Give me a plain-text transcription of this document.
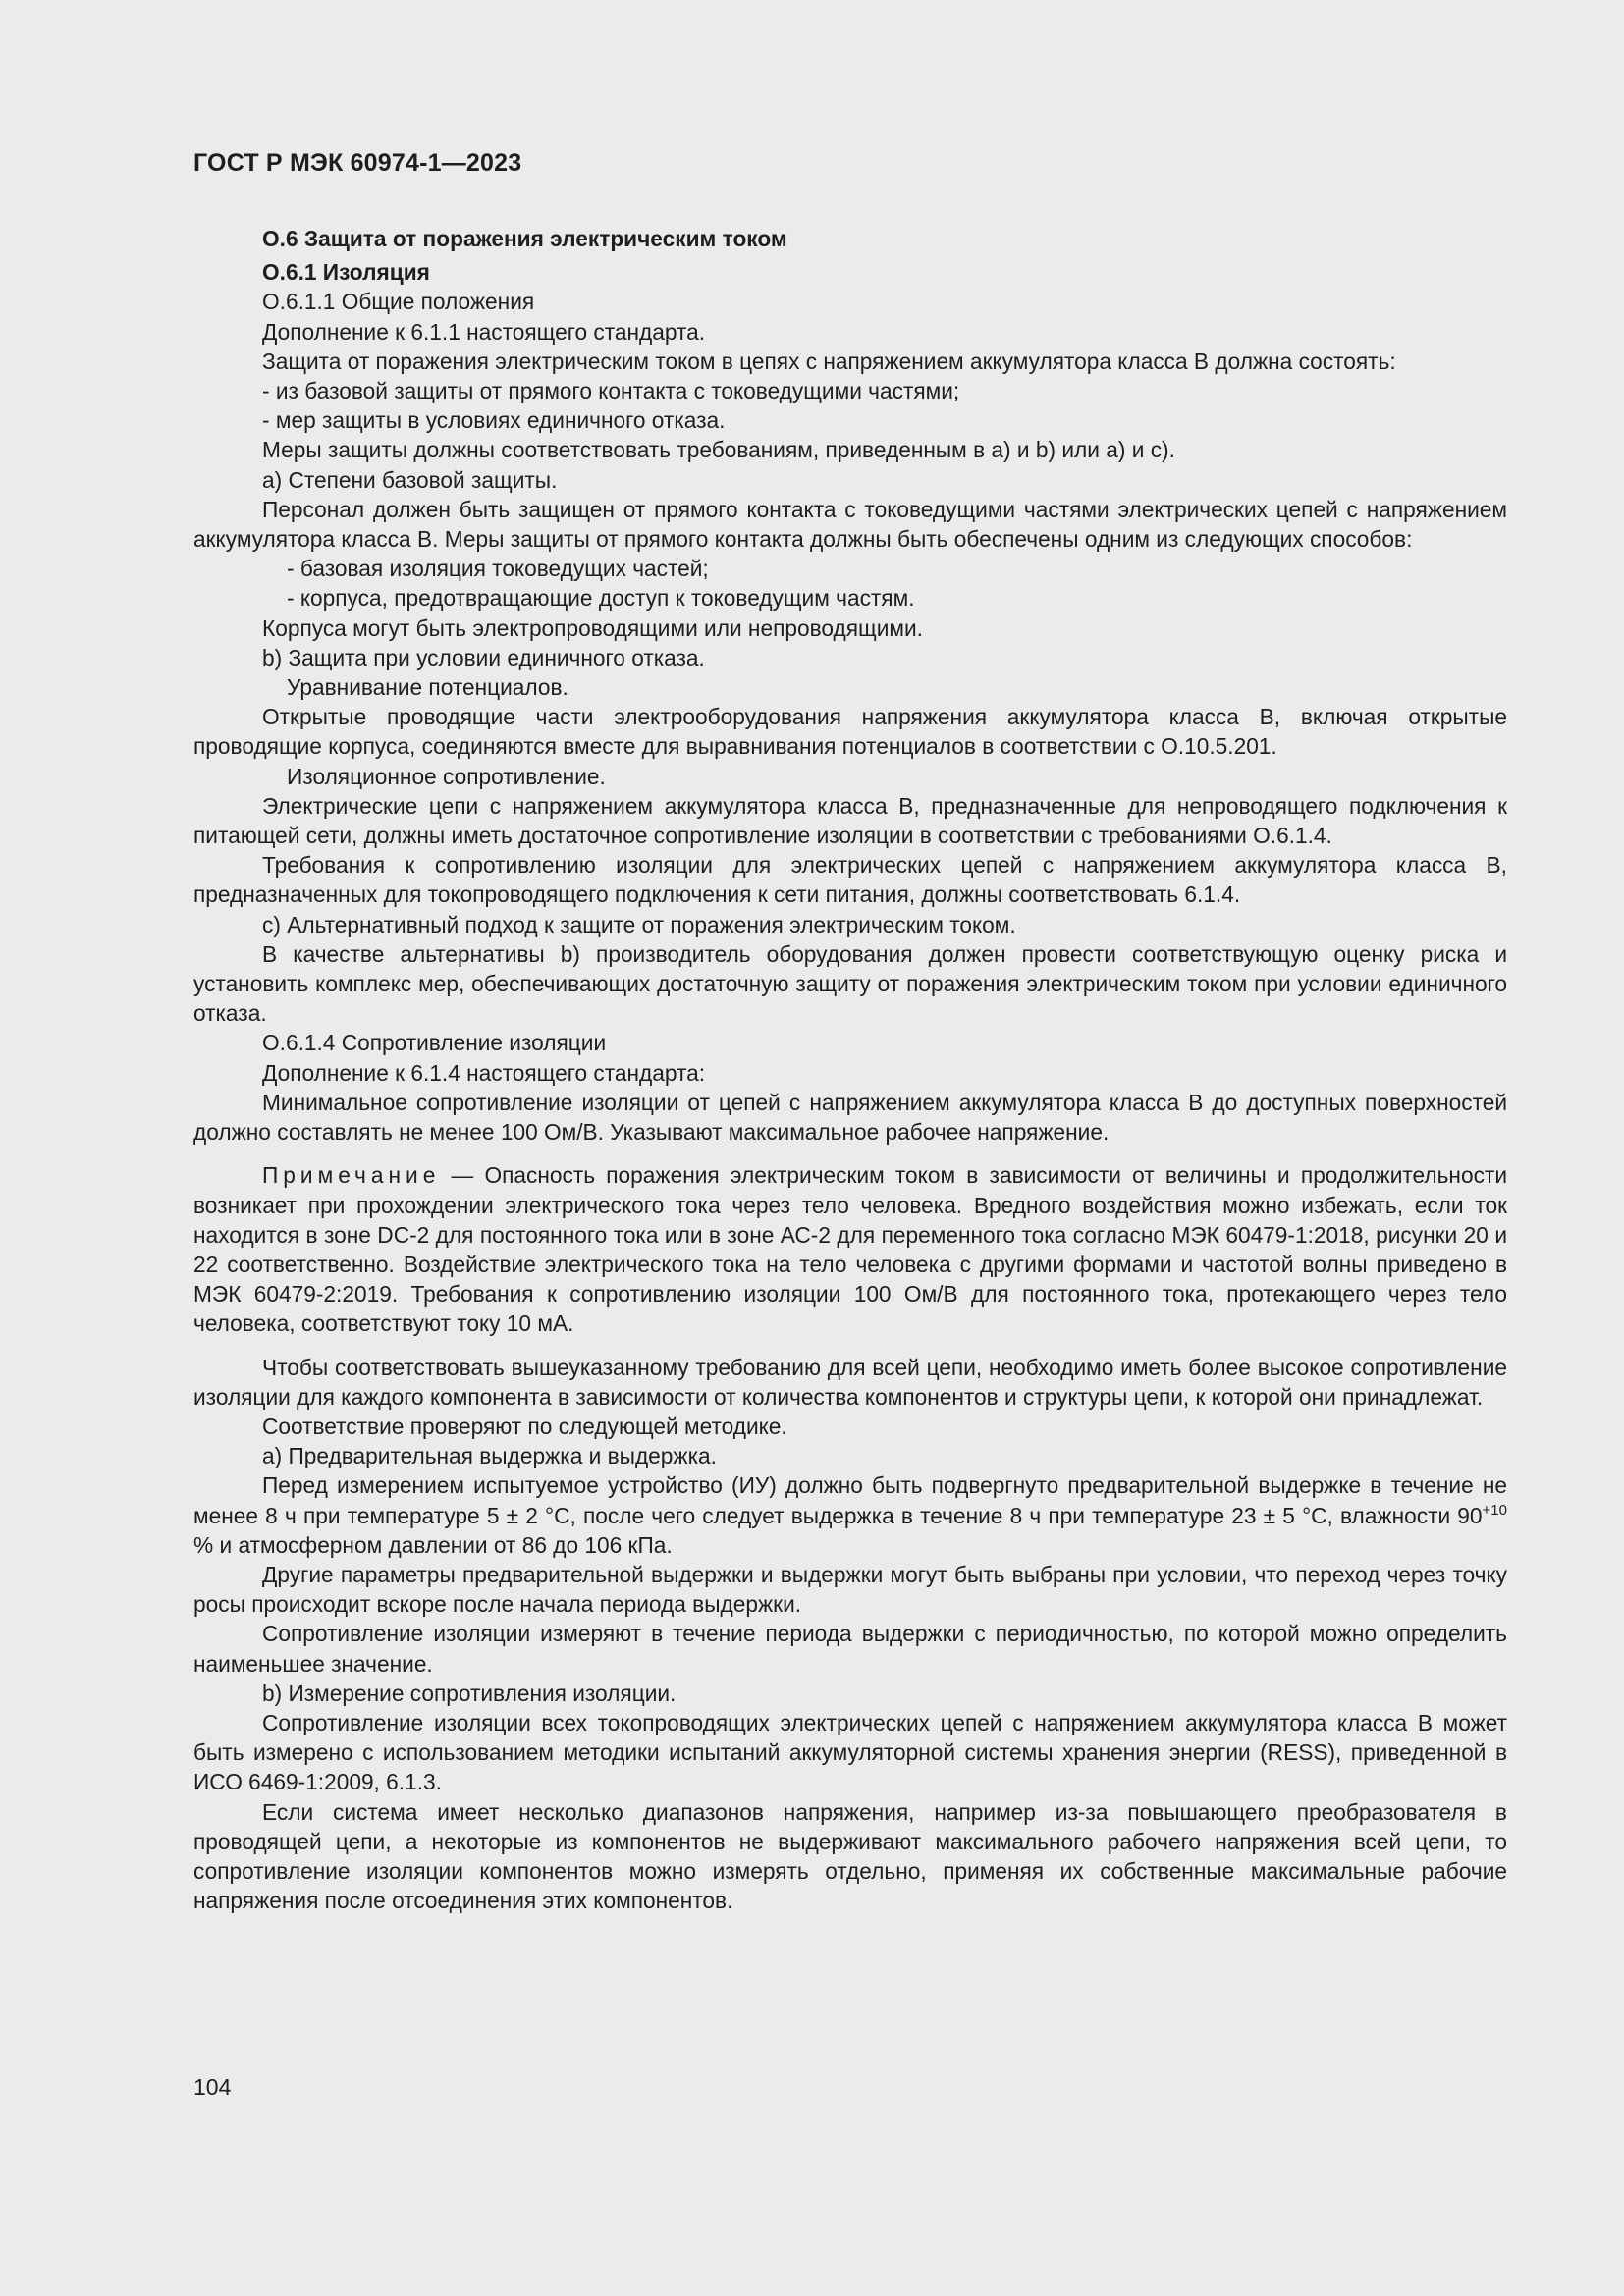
ГОСТ Р МЭК 60974-1—2023

О.6 Защита от поражения электрическим током

О.6.1 Изоляция

О.6.1.1 Общие положения

Дополнение к 6.1.1 настоящего стандарта.

Защита от поражения электрическим током в цепях с напряжением аккумулятора класса В должна состоять:

- из базовой защиты от прямого контакта с токоведущими частями;

- мер защиты в условиях единичного отказа.

Меры защиты должны соответствовать требованиям, приведенным в а) и b) или а) и с).

а) Степени базовой защиты.

Персонал должен быть защищен от прямого контакта с токоведущими частями электрических цепей с напряжением аккумулятора класса В. Меры защиты от прямого контакта должны быть обеспечены одним из следующих способов:

- базовая изоляция токоведущих частей;

- корпуса, предотвращающие доступ к токоведущим частям.

Корпуса могут быть электропроводящими или непроводящими.

b) Защита при условии единичного отказа.

Уравнивание потенциалов.

Открытые проводящие части электрооборудования напряжения аккумулятора класса В, включая открытые проводящие корпуса, соединяются вместе для выравнивания потенциалов в соответствии с О.10.5.201.

Изоляционное сопротивление.

Электрические цепи с напряжением аккумулятора класса В, предназначенные для непроводящего подключения к питающей сети, должны иметь достаточное сопротивление изоляции в соответствии с требованиями О.6.1.4.

Требования к сопротивлению изоляции для электрических цепей с напряжением аккумулятора класса В, предназначенных для токопроводящего подключения к сети питания, должны соответствовать 6.1.4.

с) Альтернативный подход к защите от поражения электрическим током.

В качестве альтернативы b) производитель оборудования должен провести соответствующую оценку риска и установить комплекс мер, обеспечивающих достаточную защиту от поражения электрическим током при условии единичного отказа.

О.6.1.4 Сопротивление изоляции

Дополнение к 6.1.4 настоящего стандарта:

Минимальное сопротивление изоляции от цепей с напряжением аккумулятора класса В до доступных поверхностей должно составлять не менее 100 Ом/В. Указывают максимальное рабочее напряжение.

Примечание — Опасность поражения электрическим током в зависимости от величины и продолжительности возникает при прохождении электрического тока через тело человека. Вредного воздействия можно избежать, если ток находится в зоне DC-2 для постоянного тока или в зоне АС-2 для переменного тока согласно МЭК 60479-1:2018, рисунки 20 и 22 соответственно. Воздействие электрического тока на тело человека с другими формами и частотой волны приведено в МЭК 60479-2:2019. Требования к сопротивлению изоляции 100 Ом/В для постоянного тока, протекающего через тело человека, соответствуют току 10 мА.

Чтобы соответствовать вышеуказанному требованию для всей цепи, необходимо иметь более высокое сопротивление изоляции для каждого компонента в зависимости от количества компонентов и структуры цепи, к которой они принадлежат.

Соответствие проверяют по следующей методике.

а) Предварительная выдержка и выдержка.

Перед измерением испытуемое устройство (ИУ) должно быть подвергнуто предварительной выдержке в течение не менее 8 ч при температуре 5 ± 2 °С, после чего следует выдержка в течение 8 ч при температуре 23 ± 5 °С, влажности $90^{+10}$ % и атмосферном давлении от 86 до 106 кПа.

Другие параметры предварительной выдержки и выдержки могут быть выбраны при условии, что переход через точку росы происходит вскоре после начала периода выдержки.

Сопротивление изоляции измеряют в течение периода выдержки с периодичностью, по которой можно определить наименьшее значение.

b) Измерение сопротивления изоляции.

Сопротивление изоляции всех токопроводящих электрических цепей с напряжением аккумулятора класса В может быть измерено с использованием методики испытаний аккумуляторной системы хранения энергии (RESS), приведенной в ИСО 6469-1:2009, 6.1.3.

Если система имеет несколько диапазонов напряжения, например из-за повышающего преобразователя в проводящей цепи, а некоторые из компонентов не выдерживают максимального рабочего напряжения всей цепи, то сопротивление изоляции компонентов можно измерять отдельно, применяя их собственные максимальные рабочие напряжения после отсоединения этих компонентов.

104
